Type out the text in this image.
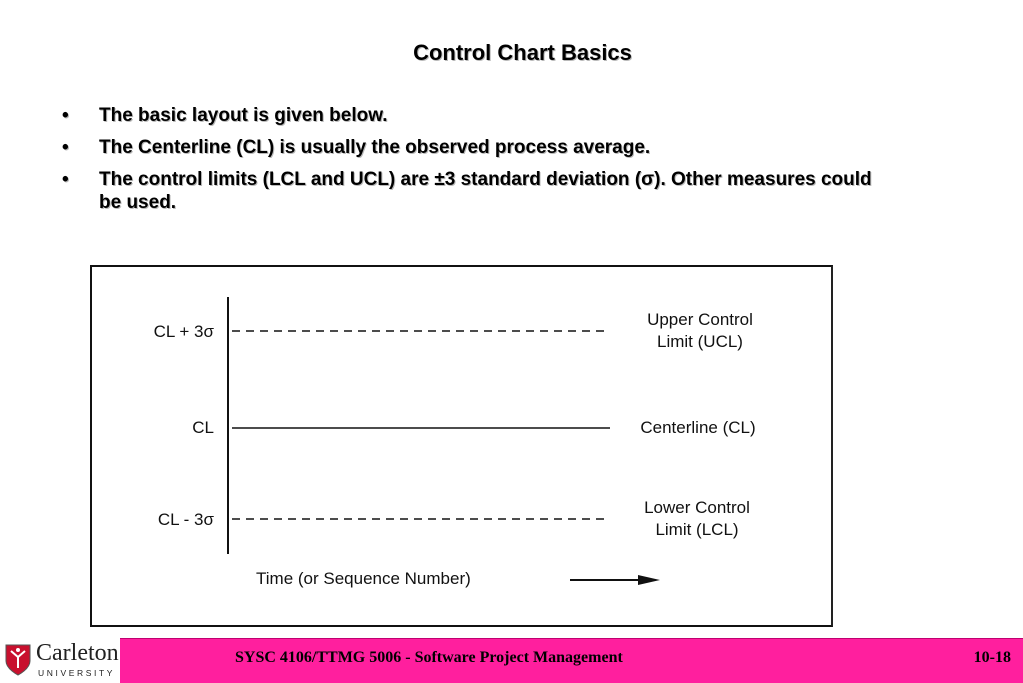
Control Chart Basics
• The basic layout is given below.
• The Centerline (CL) is usually the observed process average.
• The control limits (LCL and UCL) are ±3 standard deviation (σ). Other measures could be used.
CL + 3σ
Upper Control
Limit (UCL)
CL	Centerline (CL)
CL - 3σ
Lower Control
Limit (LCL)
Time (or Sequence Number)
Carleton
UNIVERSITY
SYSC 4106/TTMG 5006 - Software Project Management	10-18
